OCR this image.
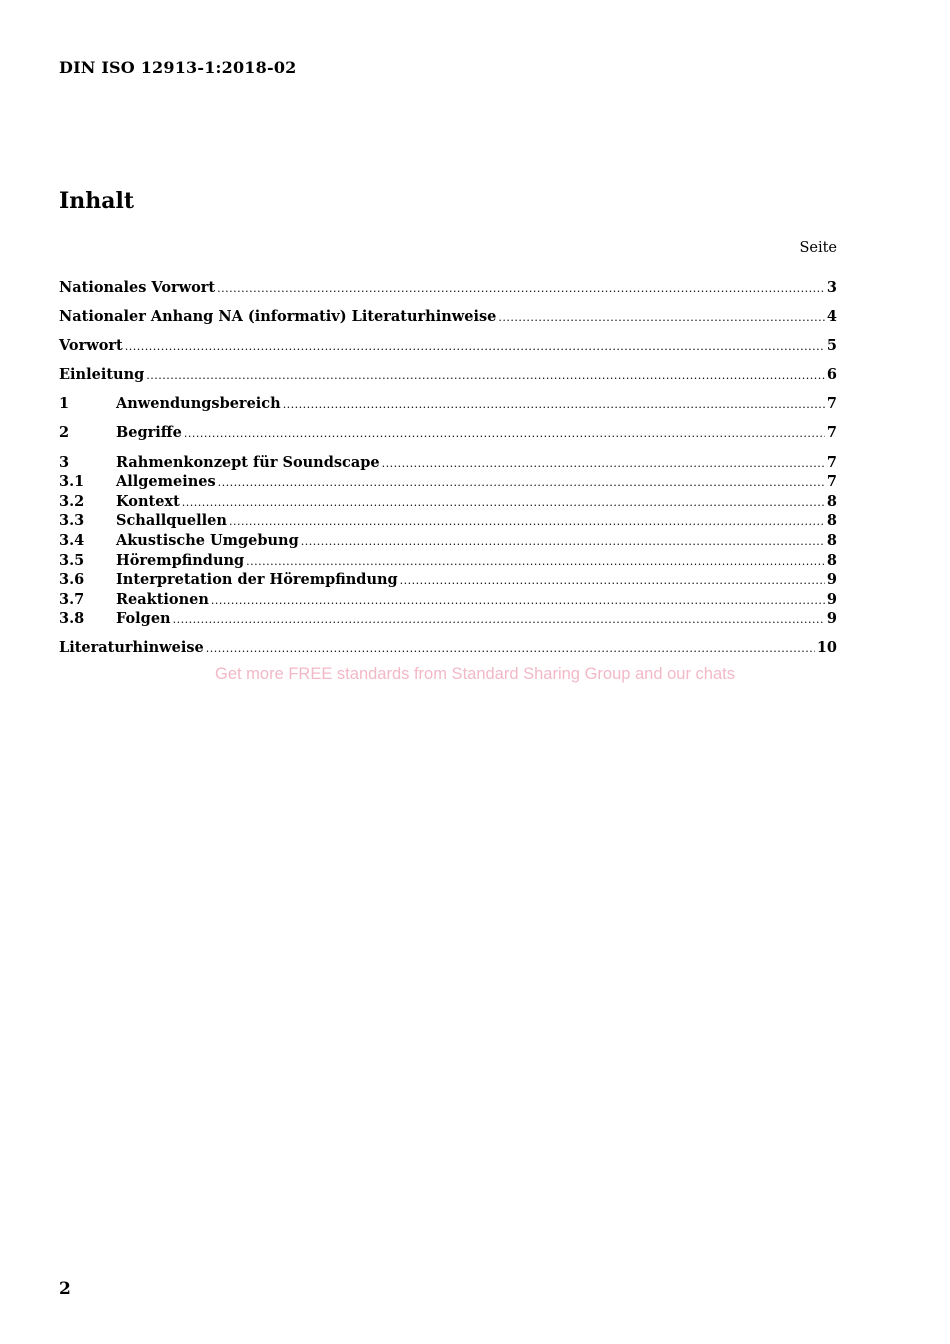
DIN ISO 12913-1:2018-02
Inhalt
Seite
Nationales Vorwort .....	3
Nationaler Anhang NA (informativ) Literaturhinweise .....	4
Vorwort .....	5
Einleitung .....	6
1	Anwendungsbereich .....	7
2	Begriffe .....	7
3	Rahmenkonzept für Soundscape .....	7
3.1	Allgemeines .....	7
3.2	Kontext .....	8
3.3	Schallquellen .....	8
3.4	Akustische Umgebung .....	8
3.5	Hörempfindung .....	8
3.6	Interpretation der Hörempfindung .....	9
3.7	Reaktionen .....	9
3.8	Folgen .....	9
Literaturhinweise .....	10
Get more FREE standards from Standard Sharing Group and our chats
2
